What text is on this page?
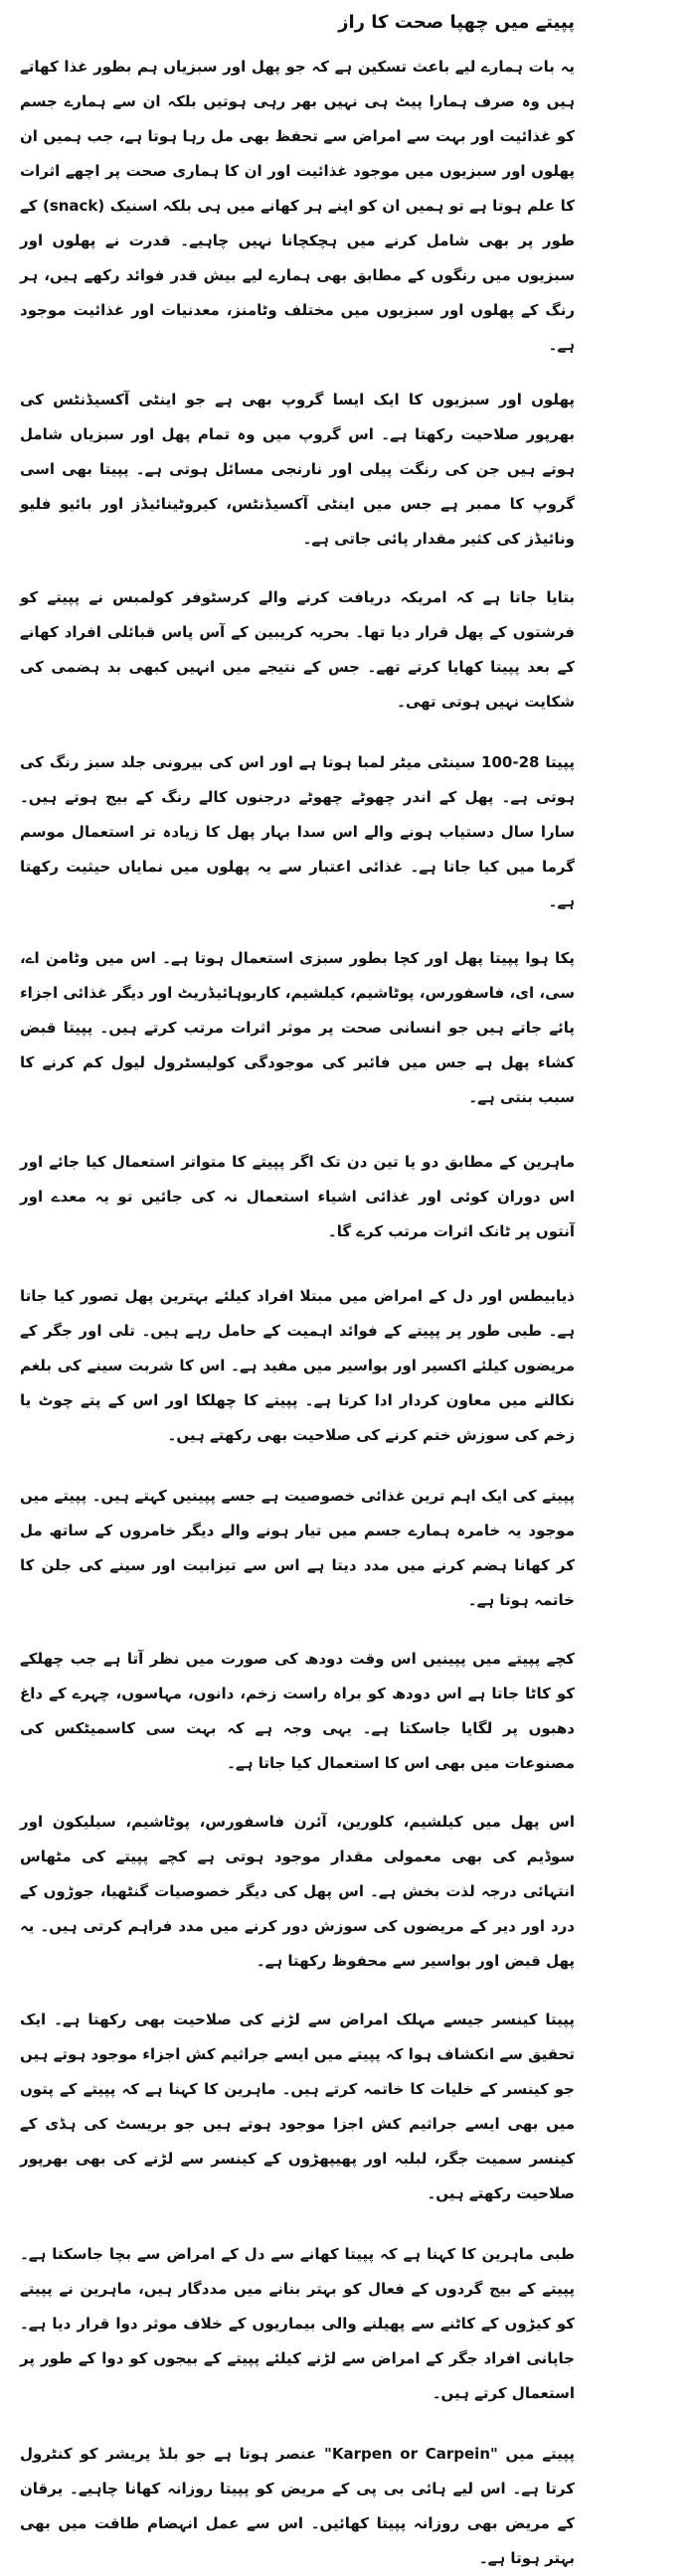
پپیتے میں چھپا صحت کا راز

یہ بات ہمارے لیے باعث تسکین ہے کہ جو پھل اور سبزیاں ہم بطور غذا کھاتے ہیں وہ صرف ہمارا پیٹ ہی نہیں بھر رہی ہوتیں بلکہ ان سے ہمارے جسم کو غذائیت اور بہت سے امراض سے تحفظ بھی مل رہا ہوتا ہے، جب ہمیں ان پھلوں اور سبزیوں میں موجود غذائیت اور ان کا ہماری صحت پر اچھے اثرات کا علم ہوتا ہے تو ہمیں ان کو اپنے ہر کھانے میں ہی بلکہ اسنیک (snack) کے طور پر بھی شامل کرنے میں ہچکچانا نہیں چاہیے۔ قدرت نے پھلوں اور سبزیوں میں رنگوں کے مطابق بھی ہمارے لیے بیش قدر فوائد رکھے ہیں، ہر رنگ کے پھلوں اور سبزیوں میں مختلف وٹامنز، معدنیات اور غذائیت موجود ہے۔

پھلوں اور سبزیوں کا ایک ایسا گروپ بھی ہے جو اینٹی آکسیڈنٹس کی بھرپور صلاحیت رکھتا ہے۔ اس گروپ میں وہ تمام پھل اور سبزیاں شامل ہوتے ہیں جن کی رنگت پیلی اور نارنجی مسائل ہوتی ہے۔ پپیتا بھی اسی گروپ کا ممبر ہے جس میں اینٹی آکسیڈنٹس، کیروٹینائیڈز اور بائیو فلیو ونائیڈز کی کثیر مقدار پائی جاتی ہے۔

بتایا جاتا ہے کہ امریکہ دریافت کرنے والے کرسٹوفر کولمبس نے پپیتے کو فرشتوں کے پھل قرار دیا تھا۔ بحریہ کریبین کے آس پاس قبائلی افراد کھانے کے بعد پپیتا کھایا کرتے تھے۔ جس کے نتیجے میں انہیں کبھی بد ہضمی کی شکایت نہیں ہوتی تھی۔

پپیتا 28-100 سینٹی میٹر لمبا ہوتا ہے اور اس کی بیرونی جلد سبز رنگ کی ہوتی ہے۔ پھل کے اندر چھوٹے چھوٹے درجنوں کالے رنگ کے بیج ہوتے ہیں۔ سارا سال دستیاب ہونے والے اس سدا بہار پھل کا زیادہ تر استعمال موسم گرما میں کیا جاتا ہے۔ غذائی اعتبار سے یہ پھلوں میں نمایاں حیثیت رکھتا ہے۔

پکا ہوا پپیتا پھل اور کچا بطور سبزی استعمال ہوتا ہے۔ اس میں وٹامن اے، سی، ای، فاسفورس، پوٹاشیم، کیلشیم، کاربوہائیڈریٹ اور دیگر غذائی اجزاء پائے جاتے ہیں جو انسانی صحت پر موثر اثرات مرتب کرتے ہیں۔ پپیتا قبض کشاء پھل ہے جس میں فائبر کی موجودگی کولیسٹرول لیول کم کرنے کا سبب بنتی ہے۔

ماہرین کے مطابق دو یا تین دن تک اگر پپیتے کا متواتر استعمال کیا جائے اور اس دوران کوئی اور غذائی اشیاء استعمال نہ کی جائیں تو یہ معدے اور آنتوں پر ٹانک اثرات مرتب کرے گا۔

ذیابیطس اور دل کے امراض میں مبتلا افراد کیلئے بہترین پھل تصور کیا جاتا ہے۔ طبی طور پر پپیتے کے فوائد اہمیت کے حامل رہے ہیں۔ تلی اور جگر کے مریضوں کیلئے اکسیر اور بواسیر میں مفید ہے۔ اس کا شربت سینے کی بلغم نکالنے میں معاون کردار ادا کرتا ہے۔ پپیتے کا چھلکا اور اس کے پتے چوٹ یا زخم کی سوزش ختم کرنے کی صلاحیت بھی رکھتے ہیں۔

پپیتے کی ایک اہم ترین غذائی خصوصیت ہے جسے پپینیں کہتے ہیں۔ پپیتے میں موجود یہ خامرہ ہمارے جسم میں تیار ہونے والے دیگر خامروں کے ساتھ مل کر کھانا ہضم کرنے میں مدد دیتا ہے اس سے تیزابیت اور سینے کی جلن کا خاتمہ ہوتا ہے۔

کچے پپیتے میں پپینیں اس وقت دودھ کی صورت میں نظر آتا ہے جب چھلکے کو کاٹا جاتا ہے اس دودھ کو براہ راست زخم، دانوں، مہاسوں، چہرے کے داغ دھبوں پر لگایا جاسکتا ہے۔ یہی وجہ ہے کہ بہت سی کاسمیٹکس کی مصنوعات میں بھی اس کا استعمال کیا جاتا ہے۔

اس پھل میں کیلشیم، کلورین، آئرن فاسفورس، پوٹاشیم، سیلیکون اور سوڈیم کی بھی معمولی مقدار موجود ہوتی ہے کچے پپیتے کی مٹھاس انتہائی درجہ لذت بخش ہے۔ اس پھل کی دیگر خصوصیات گنٹھیا، جوڑوں کے درد اور دیر کے مریضوں کی سوزش دور کرنے میں مدد فراہم کرتی ہیں۔ یہ پھل قبض اور بواسیر سے محفوظ رکھتا ہے۔

پپیتا کینسر جیسے مہلک امراض سے لڑنے کی صلاحیت بھی رکھتا ہے۔ ایک تحقیق سے انکشاف ہوا کہ پپیتے میں ایسے جراثیم کش اجزاء موجود ہوتے ہیں جو کینسر کے خلیات کا خاتمہ کرتے ہیں۔ ماہرین کا کہنا ہے کہ پپیتے کے پتوں میں بھی ایسے جراثیم کش اجزا موجود ہوتے ہیں جو بریسٹ کی ہڈی کے کینسر سمیت جگر، لبلبہ اور پھیپھڑوں کے کینسر سے لڑنے کی بھی بھرپور صلاحیت رکھتے ہیں۔

طبی ماہرین کا کہنا ہے کہ پپیتا کھانے سے دل کے امراض سے بچا جاسکتا ہے۔ پپیتے کے بیج گردوں کے فعال کو بہتر بنانے میں مددگار ہیں، ماہرین نے پپیتے کو کیڑوں کے کاٹنے سے پھیلنے والی بیماریوں کے خلاف موثر دوا قرار دیا ہے۔ جاپانی افراد جگر کے امراض سے لڑنے کیلئے پپیتے کے بیجوں کو دوا کے طور پر استعمال کرتے ہیں۔

پپیتے میں "Karpen or Carpein" عنصر ہوتا ہے جو بلڈ پریشر کو کنٹرول کرتا ہے۔ اس لیے ہائی بی پی کے مریض کو پپیتا روزانہ کھانا چاہیے۔ یرقان کے مریض بھی روزانہ پپیتا کھائیں۔ اس سے عمل انہضام طاقت میں بھی بہتر ہوتا ہے۔
